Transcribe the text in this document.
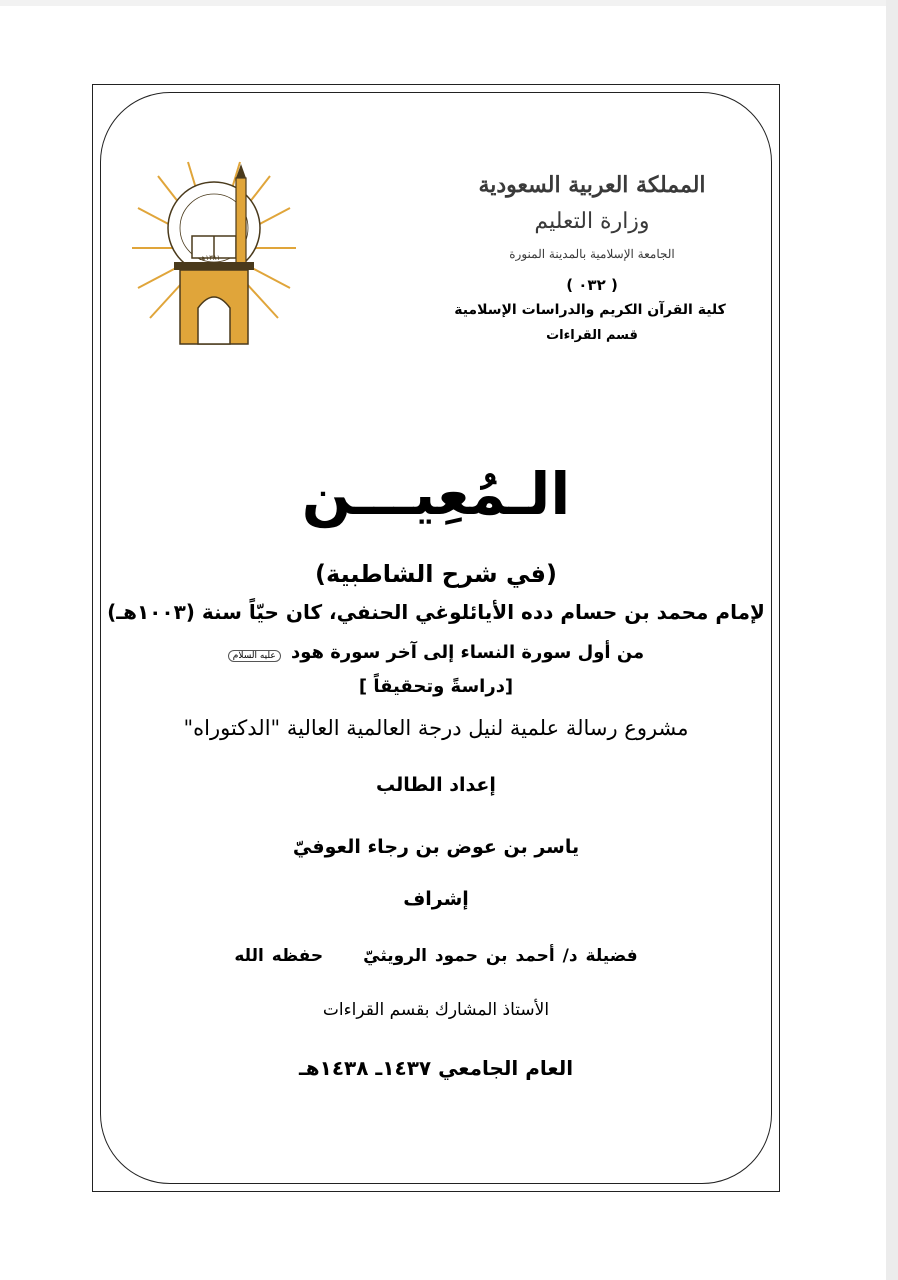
المملكة العربية السعودية
وزارة التعليم
الجامعة الإسلامية بالمدينة المنورة
١٣٨١هـ
( ٠٣٢ )
كلية القرآن الكريم والدراسات الإسلامية
قسم القراءات
الـمُعِيـــن
(في شرح الشاطبية)
لإمام محمد بن حسام دده الأيائلوغي الحنفي، كان حيّاً سنة (١٠٠٣هـ)
من أول سورة النساء إلى آخر سورة هود عليه السلام
[دراسةً وتحقيقاً ]
مشروع رسالة علمية لنيل درجة العالمية العالية "الدكتوراه"
إعداد الطالب
ياسر بن عوض بن رجاء العوفيّ
إشراف
فضيلة د/ أحمد بن حمود الرويثيّحفظه الله
الأستاذ المشارك بقسم القراءات
العام الجامعي ١٤٣٧ـ ١٤٣٨هـ
